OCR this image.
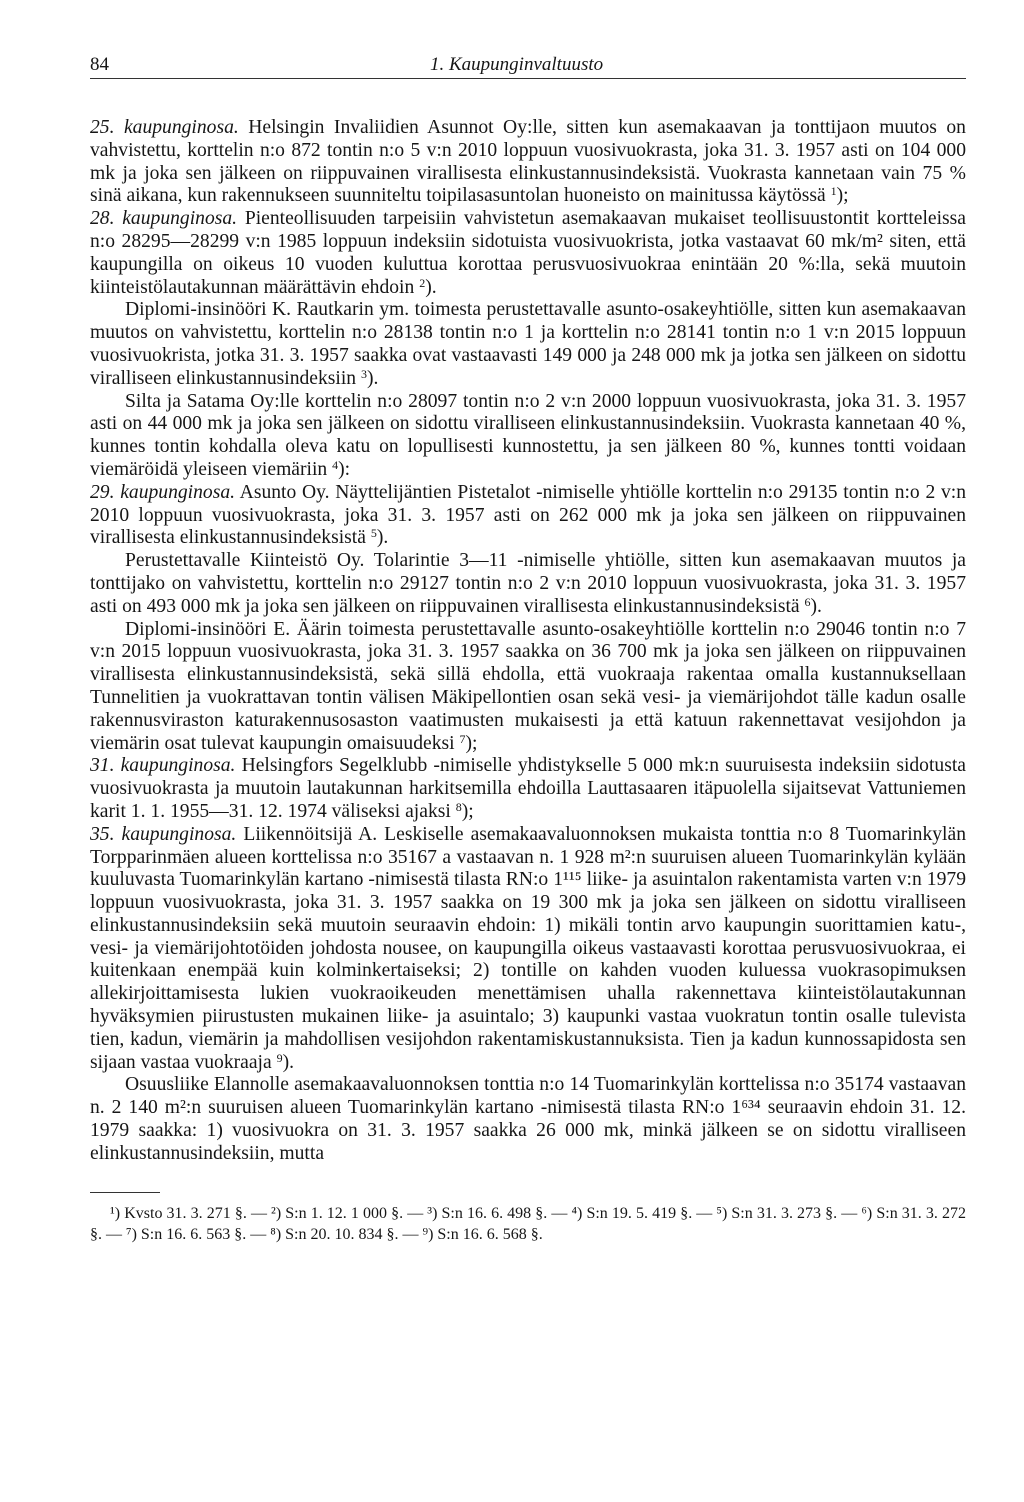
84	1. Kaupunginvaltuusto

25. kaupunginosa. Helsingin Invaliidien Asunnot Oy:lle, sitten kun asemakaavan ja tonttijaon muutos on vahvistettu, korttelin n:o 872 tontin n:o 5 v:n 2010 loppuun vuosivuokrasta, joka 31. 3. 1957 asti on 104 000 mk ja joka sen jälkeen on riippuvainen virallisesta elinkustannusindeksistä. Vuokrasta kannetaan vain 75 % sinä aikana, kun rakennukseen suunniteltu toipilasasuntolan huoneisto on mainitussa käytössä $^1$);

28. kaupunginosa. Pienteollisuuden tarpeisiin vahvistetun asemakaavan mukaiset teollisuustontit kortteleissa n:o 28295—28299 v:n 1985 loppuun indeksiin sidotuista vuosivuokrista, jotka vastaavat 60 mk/m² siten, että kaupungilla on oikeus 10 vuoden kuluttua korottaa perusvuosivuokraa enintään 20 %:lla, sekä muutoin kiinteistölautakunnan määrättävin ehdoin $^2$).

Diplomi-insinööri K. Rautkarin ym. toimesta perustettavalle asunto-osakeyhtiölle, sitten kun asemakaavan muutos on vahvistettu, korttelin n:o 28138 tontin n:o 1 ja korttelin n:o 28141 tontin n:o 1 v:n 2015 loppuun vuosivuokrista, jotka 31. 3. 1957 saakka ovat vastaavasti 149 000 ja 248 000 mk ja jotka sen jälkeen on sidottu viralliseen elinkustannusindeksiin $^3$).

Silta ja Satama Oy:lle korttelin n:o 28097 tontin n:o 2 v:n 2000 loppuun vuosivuokrasta, joka 31. 3. 1957 asti on 44 000 mk ja joka sen jälkeen on sidottu viralliseen elinkustannusindeksiin. Vuokrasta kannetaan 40 %, kunnes tontin kohdalla oleva katu on lopullisesti kunnostettu, ja sen jälkeen 80 %, kunnes tontti voidaan viemäröidä yleiseen viemäriin $^4$):

29. kaupunginosa. Asunto Oy. Näyttelijäntien Pistetalot -nimiselle yhtiölle korttelin n:o 29135 tontin n:o 2 v:n 2010 loppuun vuosivuokrasta, joka 31. 3. 1957 asti on 262 000 mk ja joka sen jälkeen on riippuvainen virallisesta elinkustannusindeksistä $^5$).

Perustettavalle Kiinteistö Oy. Tolarintie 3—11 -nimiselle yhtiölle, sitten kun asemakaavan muutos ja tonttijako on vahvistettu, korttelin n:o 29127 tontin n:o 2 v:n 2010 loppuun vuosivuokrasta, joka 31. 3. 1957 asti on 493 000 mk ja joka sen jälkeen on riippuvainen virallisesta elinkustannusindeksistä $^6$).

Diplomi-insinööri E. Äärin toimesta perustettavalle asunto-osakeyhtiölle korttelin n:o 29046 tontin n:o 7 v:n 2015 loppuun vuosivuokrasta, joka 31. 3. 1957 saakka on 36 700 mk ja joka sen jälkeen on riippuvainen virallisesta elinkustannusindeksistä, sekä sillä ehdolla, että vuokraaja rakentaa omalla kustannuksellaan Tunnelitien ja vuokrattavan tontin välisen Mäkipellontien osan sekä vesi- ja viemärijohdot tälle kadun osalle rakennusviraston katurakennusosaston vaatimusten mukaisesti ja että katuun rakennettavat vesijohdon ja viemärin osat tulevat kaupungin omaisuudeksi $^7$);

31. kaupunginosa. Helsingfors Segelklubb -nimiselle yhdistykselle 5 000 mk:n suuruisesta indeksiin sidotusta vuosivuokrasta ja muutoin lautakunnan harkitsemilla ehdoilla Lauttasaaren itäpuolella sijaitsevat Vattuniemen karit 1. 1. 1955—31. 12. 1974 väliseksi ajaksi $^8$);

35. kaupunginosa. Liikennöitsijä A. Leskiselle asemakaavaluonnoksen mukaista tonttia n:o 8 Tuomarinkylän Torpparinmäen alueen korttelissa n:o 35167 a vastaavan n. 1 928 m²:n suuruisen alueen Tuomarinkylän kylään kuuluvasta Tuomarinkylän kartano -nimisestä tilasta RN:o 1¹¹⁵ liike- ja asuintalon rakentamista varten v:n 1979 loppuun vuosivuokrasta, joka 31. 3. 1957 saakka on 19 300 mk ja joka sen jälkeen on sidottu viralliseen elinkustannusindeksiin sekä muutoin seuraavin ehdoin: 1) mikäli tontin arvo kaupungin suorittamien katu-, vesi- ja viemärijohtotöiden johdosta nousee, on kaupungilla oikeus vastaavasti korottaa perusvuosivuokraa, ei kuitenkaan enempää kuin kolminkertaiseksi; 2) tontille on kahden vuoden kuluessa vuokrasopimuksen allekirjoittamisesta lukien vuokraoikeuden menettämisen uhalla rakennettava kiinteistölautakunnan hyväksymien piirustusten mukainen liike- ja asuintalo; 3) kaupunki vastaa vuokratun tontin osalle tulevista tien, kadun, viemärin ja mahdollisen vesijohdon rakentamiskustannuksista. Tien ja kadun kunnossapidosta sen sijaan vastaa vuokraaja $^9$).

Osuusliike Elannolle asemakaavaluonnoksen tonttia n:o 14 Tuomarinkylän korttelissa n:o 35174 vastaavan n. 2 140 m²:n suuruisen alueen Tuomarinkylän kartano -nimisestä tilasta RN:o 1⁶³⁴ seuraavin ehdoin 31. 12. 1979 saakka: 1) vuosivuokra on 31. 3. 1957 saakka 26 000 mk, minkä jälkeen se on sidottu viralliseen elinkustannusindeksiin, mutta

¹) Kvsto 31. 3. 271 §. — ²) S:n 1. 12. 1 000 §. — ³) S:n 16. 6. 498 §. — ⁴) S:n 19. 5. 419 §. — ⁵) S:n 31. 3. 273 §. — ⁶) S:n 31. 3. 272 §. — ⁷) S:n 16. 6. 563 §. — ⁸) S:n 20. 10. 834 §. — ⁹) S:n 16. 6. 568 §.
